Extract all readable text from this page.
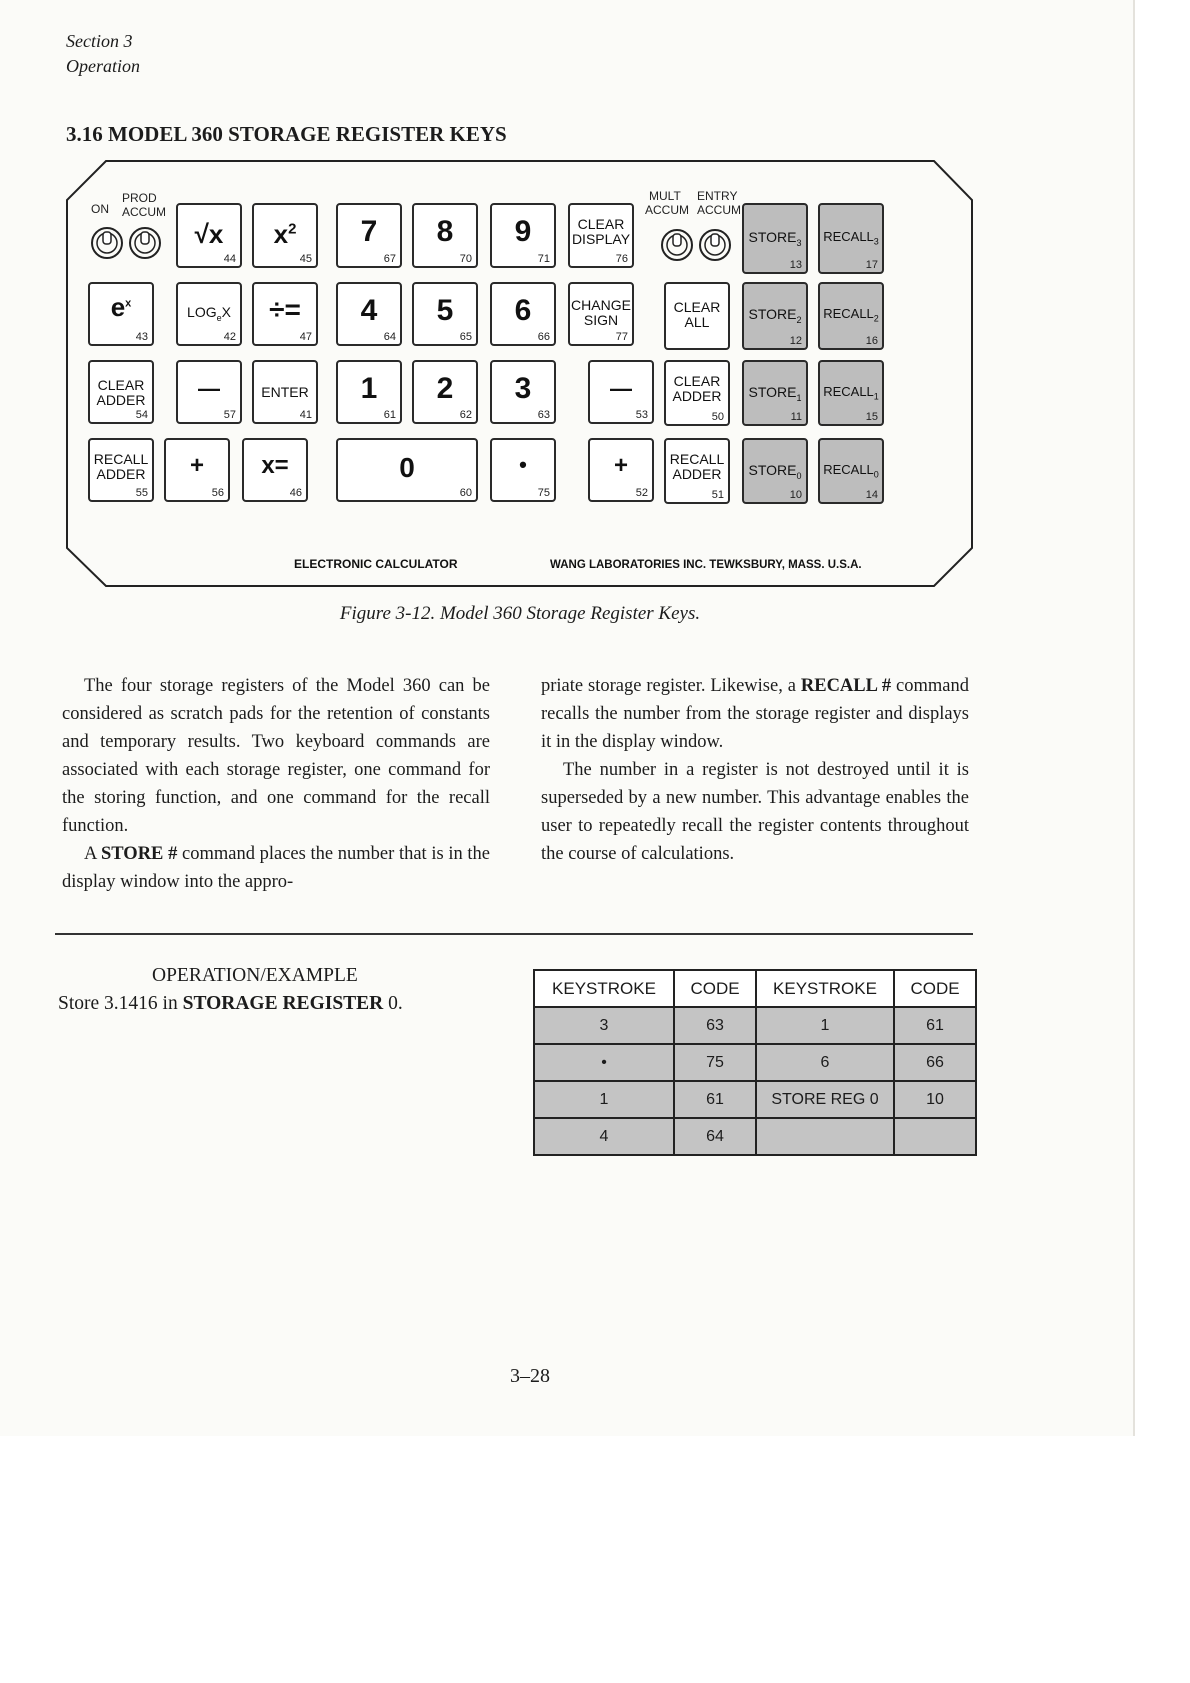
Section 3
Operation
3.16 MODEL 360 STORAGE REGISTER KEYS
ON
PROD
ACCUM
MULT ENTRY
ACCUM ACCUM
√x
44
$x^2$
45
7
67
8
70
9
71
CLEAR
DISPLAY
76
$STORE_3$
13
$RECALL_3$
17
$e^x$
43
$LOG_eX$
42
÷=
47
4
64
5
65
6
66
CHANGE
SIGN
77
CLEAR
ALL	$STORE_2$
12
$RECALL_2$
16
CLEAR
ADDER
54
—
57
ENTER
41
1
61
2
62
3
63
—
53
CLEAR
ADDER
50
$STORE_1$
11
$RECALL_1$
15
RECALL
ADDER
55
+
56
x=
46
0
60
•
75
+
52
RECALL
ADDER
51
$STORE_0$
10
$RECALL_0$
14
ELECTRONIC CALCULATOR	WANG LABORATORIES INC. TEWKSBURY, MASS. U.S.A.
Figure 3-12. Model 360 Storage Register Keys.

The four storage registers of the Model 360 can be considered as scratch pads for the retention of constants and temporary results. Two keyboard commands are associated with each storage register, one command for the storing function, and one command for the recall function.

A STORE # command places the number that is in the display window into the appro-

priate storage register. Likewise, a RECALL # command recalls the number from the storage register and displays it in the display window.

The number in a register is not destroyed until it is superseded by a new number. This advantage enables the user to repeatedly recall the register contents throughout the course of calculations.

OPERATION/EXAMPLE
Store 3.1416 in STORAGE REGISTER 0.
KEYSTROKE	CODE	KEYSTROKE	CODE
3	63	1	61
•	75	6	66
1	61	STORE REG 0	10
4	64		
3–28
